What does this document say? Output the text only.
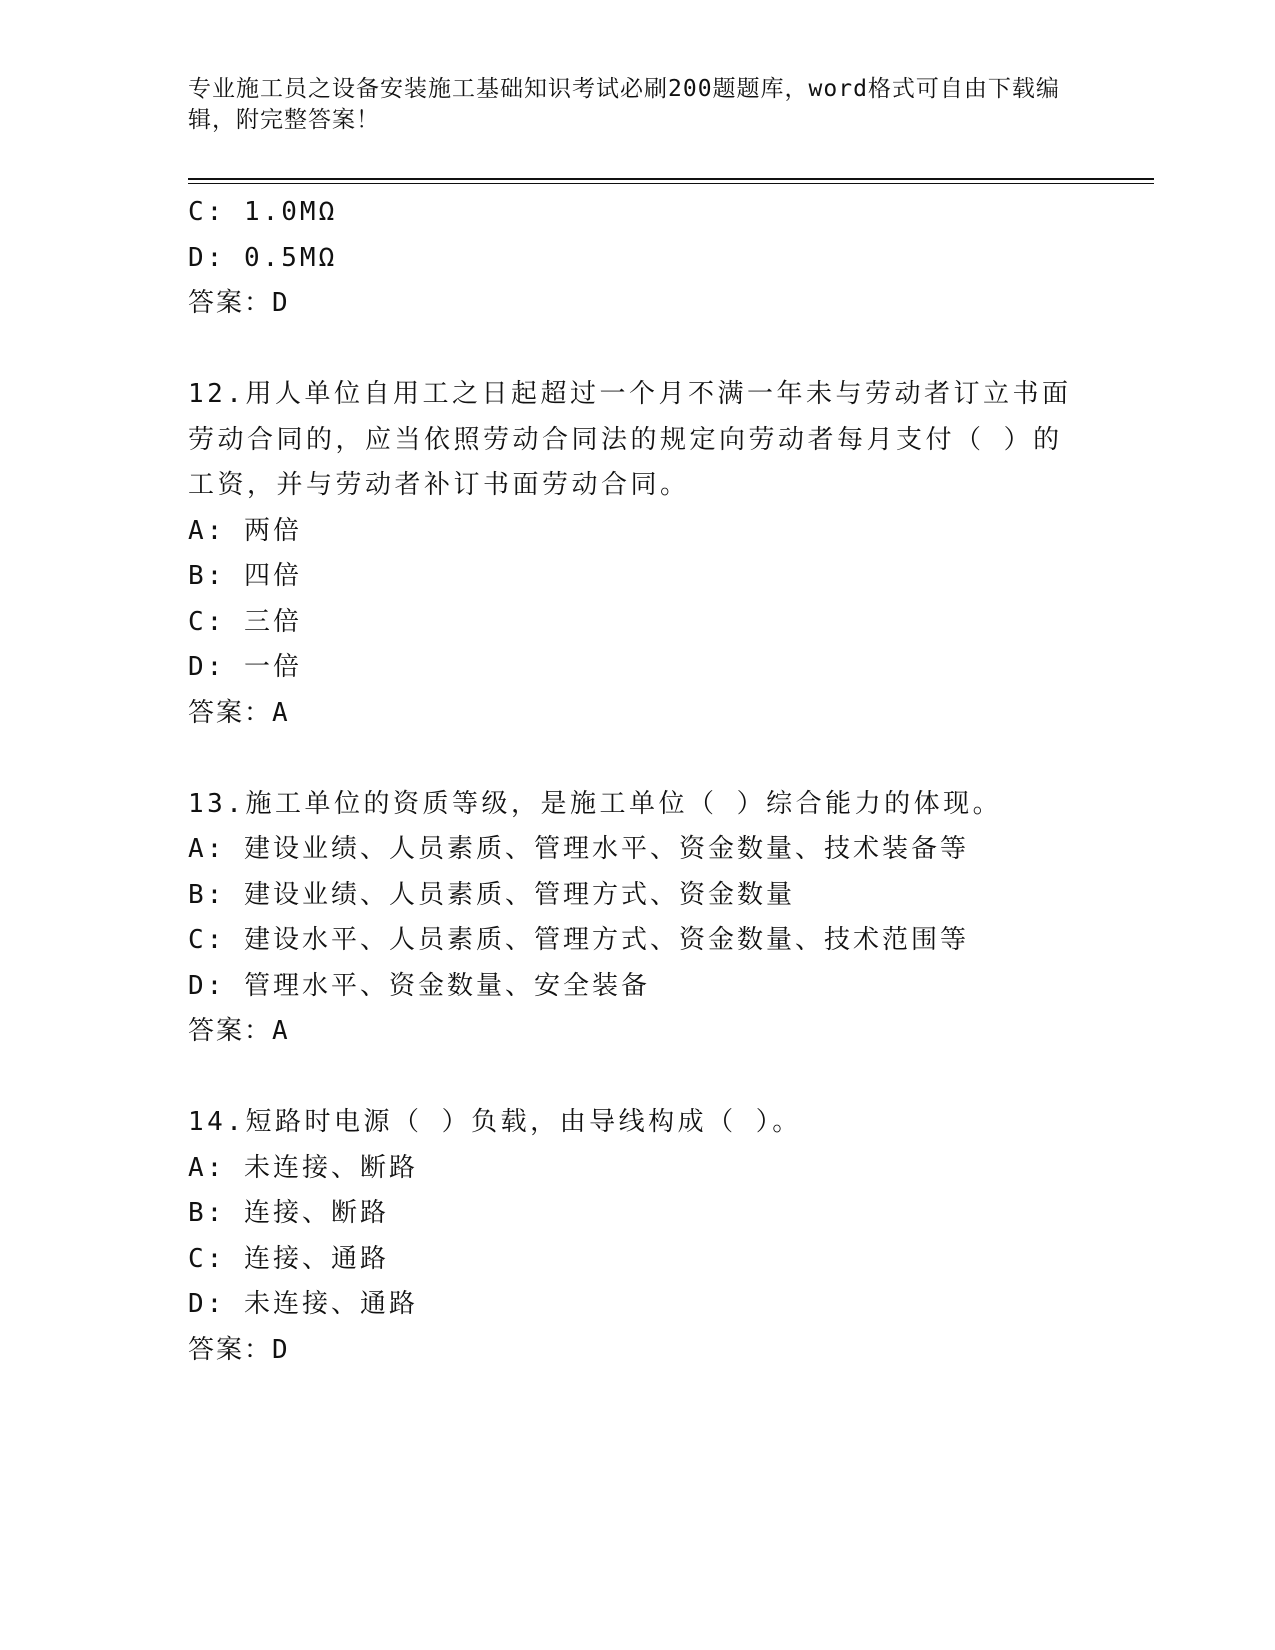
专业施工员之设备安装施工基础知识考试必刷200题题库，word格式可自由下载编辑，附完整答案！
C: 1.0MΩ
D: 0.5MΩ
答案：D
12.用人单位自用工之日起超过一个月不满一年未与劳动者订立书面劳动合同的，应当依照劳动合同法的规定向劳动者每月支付（ ）的工资，并与劳动者补订书面劳动合同。
A: 两倍
B: 四倍
C: 三倍
D: 一倍
答案：A
13.施工单位的资质等级，是施工单位（ ）综合能力的体现。
A: 建设业绩、人员素质、管理水平、资金数量、技术装备等
B: 建设业绩、人员素质、管理方式、资金数量
C: 建设水平、人员素质、管理方式、资金数量、技术范围等
D: 管理水平、资金数量、安全装备
答案：A
14.短路时电源（ ）负载，由导线构成（ ）。
A: 未连接、断路
B: 连接、断路
C: 连接、通路
D: 未连接、通路
答案：D
